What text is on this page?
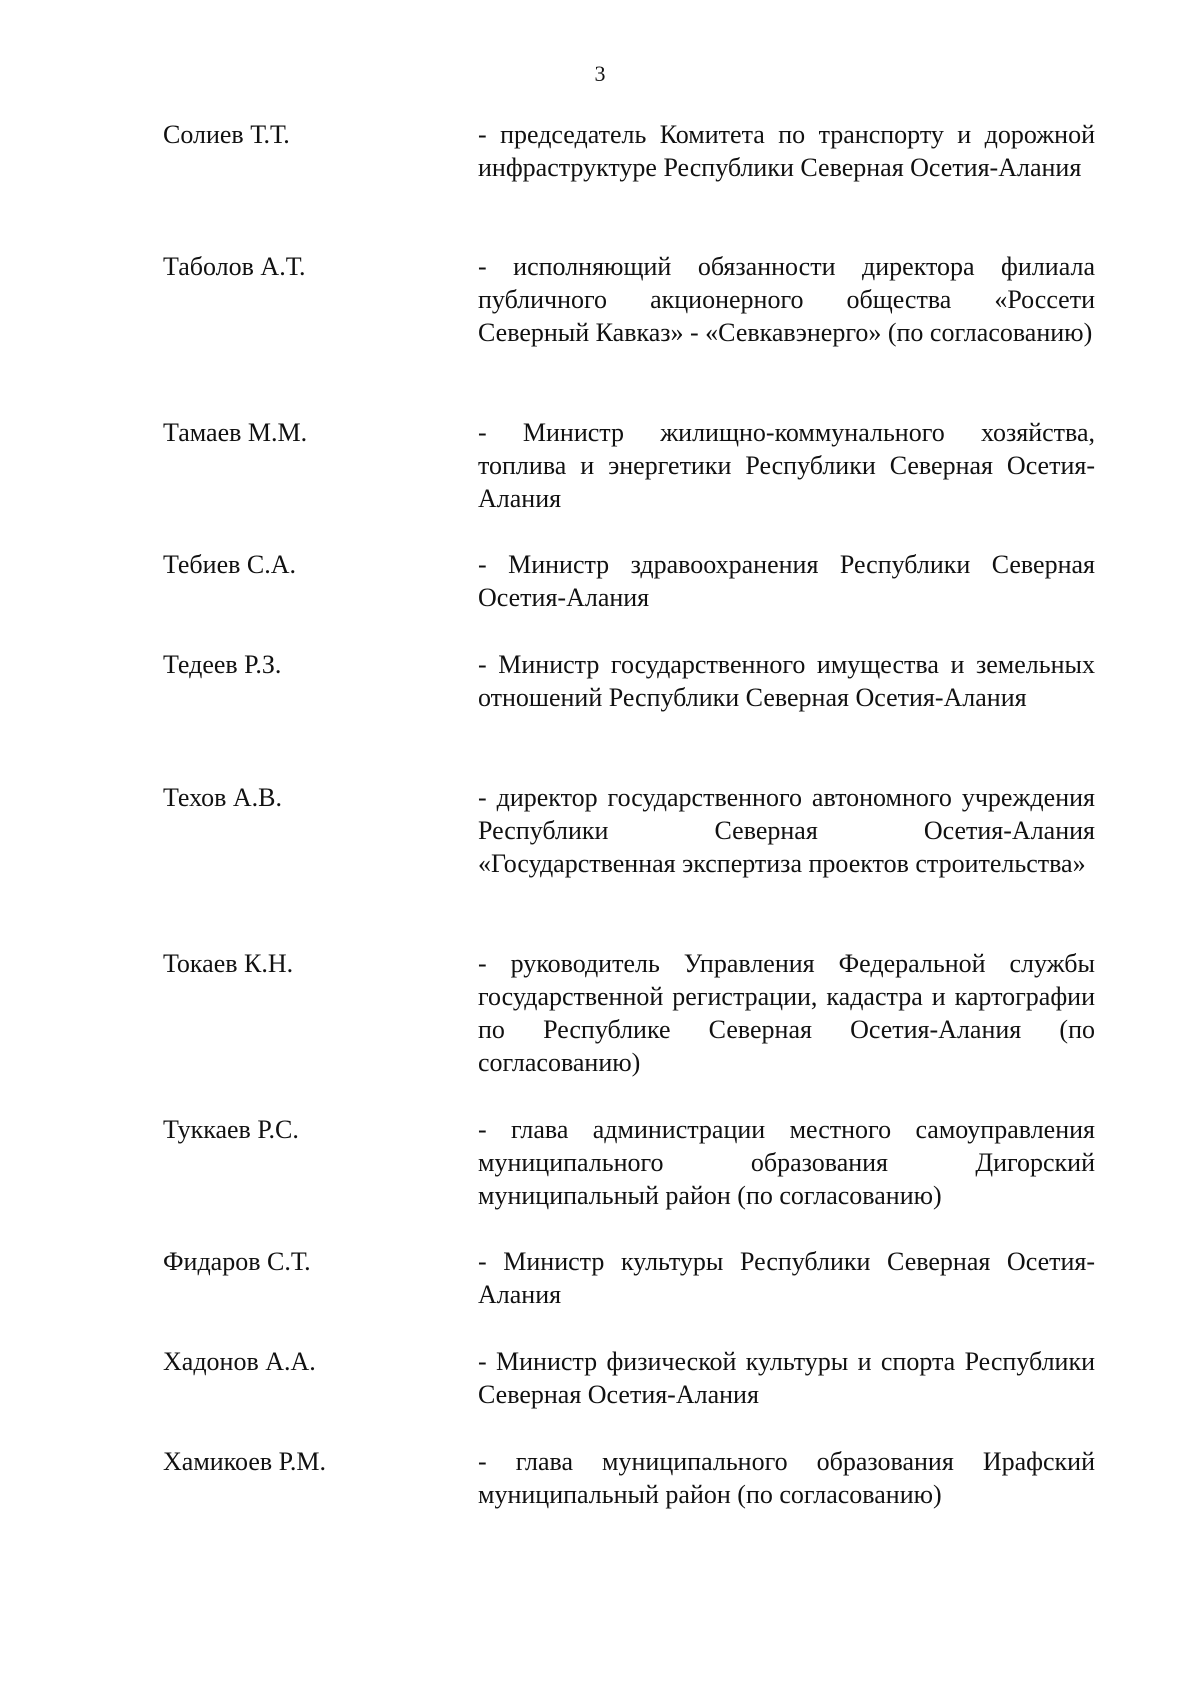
3
Солиев Т.Т.	- председатель Комитета по транспорту и дорожной инфраструктуре Республики Северная Осетия-Алания
Таболов А.Т.	- исполняющий обязанности директора филиала публичного акционерного общества «Россети Северный Кавказ» - «Севкавэнерго» (по согласованию)
Тамаев М.М.	- Министр жилищно-коммунального хозяйства, топлива и энергетики Республики Северная Осетия-Алания
Тебиев С.А.	- Министр здравоохранения Республики Северная Осетия-Алания
Тедеев Р.З.	- Министр государственного имущества и земельных отношений Республики Северная Осетия-Алания
Техов А.В.	- директор государственного автономного учреждения Республики Северная Осетия-Алания «Государственная экспертиза проектов строительства»
Токаев К.Н.	- руководитель Управления Федеральной службы государственной регистрации, кадастра и картографии по Республике Северная Осетия-Алания (по согласованию)
Туккаев Р.С.	- глава администрации местного самоуправления муниципального образования Дигорский муниципальный район (по согласованию)
Фидаров С.Т.	- Министр культуры Республики Северная Осетия-Алания
Хадонов А.А.	- Министр физической культуры и спорта Республики Северная Осетия-Алания
Хамикоев Р.М.	- глава муниципального образования Ирафский муниципальный район (по согласованию)
